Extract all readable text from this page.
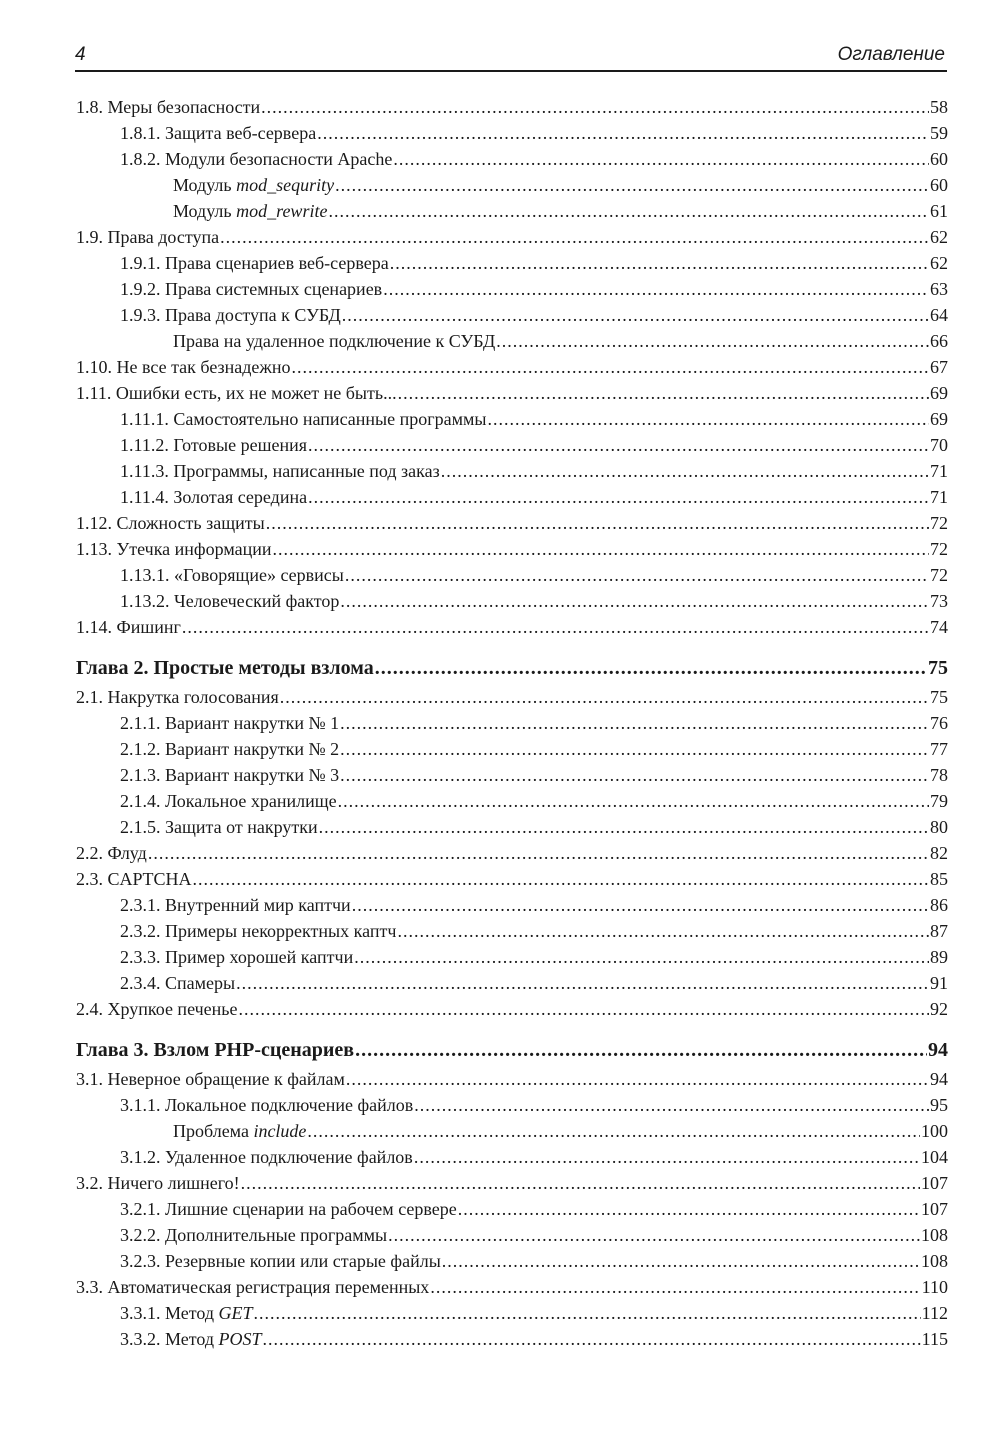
4	Оглавление
1.8. Меры безопасности .....	58
1.8.1. Защита веб-сервера .....	59
1.8.2. Модули безопасности Apache .....	60
Модуль mod_sequrity .....	60
Модуль mod_rewrite .....	61
1.9. Права доступа .....	62
1.9.1. Права сценариев веб-сервера .....	62
1.9.2. Права системных сценариев .....	63
1.9.3. Права доступа к СУБД .....	64
Права на удаленное подключение к СУБД .....	66
1.10. Не все так безнадежно .....	67
1.11. Ошибки есть, их не может не быть... .....	69
1.11.1. Самостоятельно написанные программы .....	69
1.11.2. Готовые решения .....	70
1.11.3. Программы, написанные под заказ .....	71
1.11.4. Золотая середина .....	71
1.12. Сложность защиты .....	72
1.13. Утечка информации .....	72
1.13.1. «Говорящие» сервисы .....	72
1.13.2. Человеческий фактор .....	73
1.14. Фишинг .....	74
Глава 2. Простые методы взлома .....	75
2.1. Накрутка голосования .....	75
2.1.1. Вариант накрутки № 1 .....	76
2.1.2. Вариант накрутки № 2 .....	77
2.1.3. Вариант накрутки № 3 .....	78
2.1.4. Локальное хранилище .....	79
2.1.5. Защита от накрутки .....	80
2.2. Флуд .....	82
2.3. CAPTCHA .....	85
2.3.1. Внутренний мир каптчи .....	86
2.3.2. Примеры некорректных каптч .....	87
2.3.3. Пример хорошей каптчи .....	89
2.3.4. Спамеры .....	91
2.4. Хрупкое печенье .....	92
Глава 3. Взлом PHP-сценариев .....	94
3.1. Неверное обращение к файлам .....	94
3.1.1. Локальное подключение файлов .....	95
Проблема include .....	100
3.1.2. Удаленное подключение файлов .....	104
3.2. Ничего лишнего! .....	107
3.2.1. Лишние сценарии на рабочем сервере .....	107
3.2.2. Дополнительные программы .....	108
3.2.3. Резервные копии или старые файлы .....	108
3.3. Автоматическая регистрация переменных .....	110
3.3.1. Метод GET .....	112
3.3.2. Метод POST .....	115
